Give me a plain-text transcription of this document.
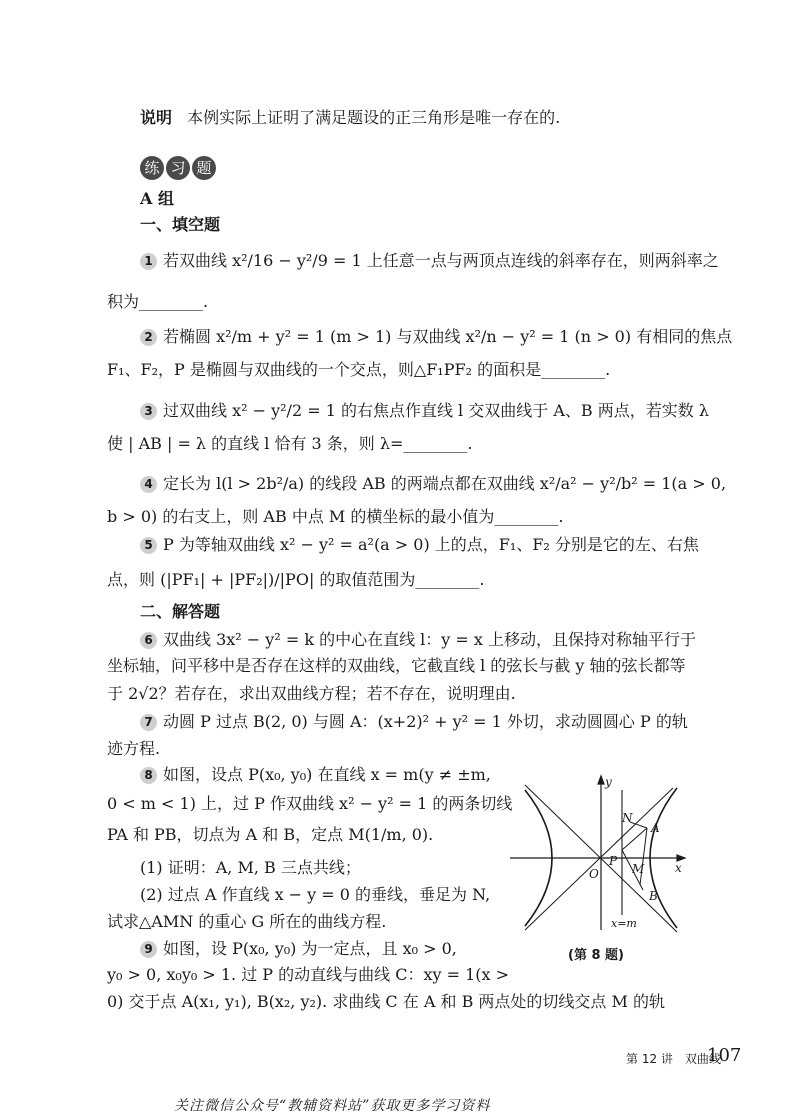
说明 本例实际上证明了满足题设的正三角形是唯一存在的.
练 习 题
A 组
一、填空题
1 若双曲线 x²/16 − y²/9 = 1 上任意一点与两顶点连线的斜率存在，则两斜率之
积为________.
2 若椭圆 x²/m + y² = 1 (m > 1) 与双曲线 x²/n − y² = 1 (n > 0) 有相同的焦点
F₁、F₂，P 是椭圆与双曲线的一个交点，则△F₁PF₂ 的面积是________.
3 过双曲线 x² − y²/2 = 1 的右焦点作直线 l 交双曲线于 A、B 两点，若实数 λ
使 | AB | = λ 的直线 l 恰有 3 条，则 λ=________.
4 定长为 l(l > 2b²/a) 的线段 AB 的两端点都在双曲线 x²/a² − y²/b² = 1(a > 0,
b > 0) 的右支上，则 AB 中点 M 的横坐标的最小值为________.
5 P 为等轴双曲线 x² − y² = a²(a > 0) 上的点，F₁、F₂ 分别是它的左、右焦
点，则 (|PF₁| + |PF₂|)/|PO| 的取值范围为________.
二、解答题
6 双曲线 3x² − y² = k 的中心在直线 l：y = x 上移动，且保持对称轴平行于
坐标轴，问平移中是否存在这样的双曲线，它截直线 l 的弦长与截 y 轴的弦长都等
于 2√2？若存在，求出双曲线方程；若不存在，说明理由.
7 动圆 P 过点 B(2, 0) 与圆 A：(x+2)² + y² = 1 外切，求动圆圆心 P 的轨
迹方程.
8 如图，设点 P(x₀, y₀) 在直线 x = m(y ≠ ±m,
0 < m < 1) 上，过 P 作双曲线 x² − y² = 1 的两条切线
PA 和 PB，切点为 A 和 B，定点 M(1/m, 0).
(1) 证明：A, M, B 三点共线；
(2) 过点 A 作直线 x − y = 0 的垂线，垂足为 N,
试求△AMN 的重心 G 所在的曲线方程.
9 如图，设 P(x₀, y₀) 为一定点，且 x₀ > 0,
y₀ > 0, x₀y₀ > 1. 过 P 的动直线与曲线 C：xy = 1(x >
0) 交于点 A(x₁, y₁), B(x₂, y₂). 求曲线 C 在 A 和 B 两点处的切线交点 M 的轨
y
x
O
P
M
A
B
N
x=m
(第 8 题)
第 12 讲　双曲线
107
关注微信公众号“教辅资料站”获取更多学习资料
